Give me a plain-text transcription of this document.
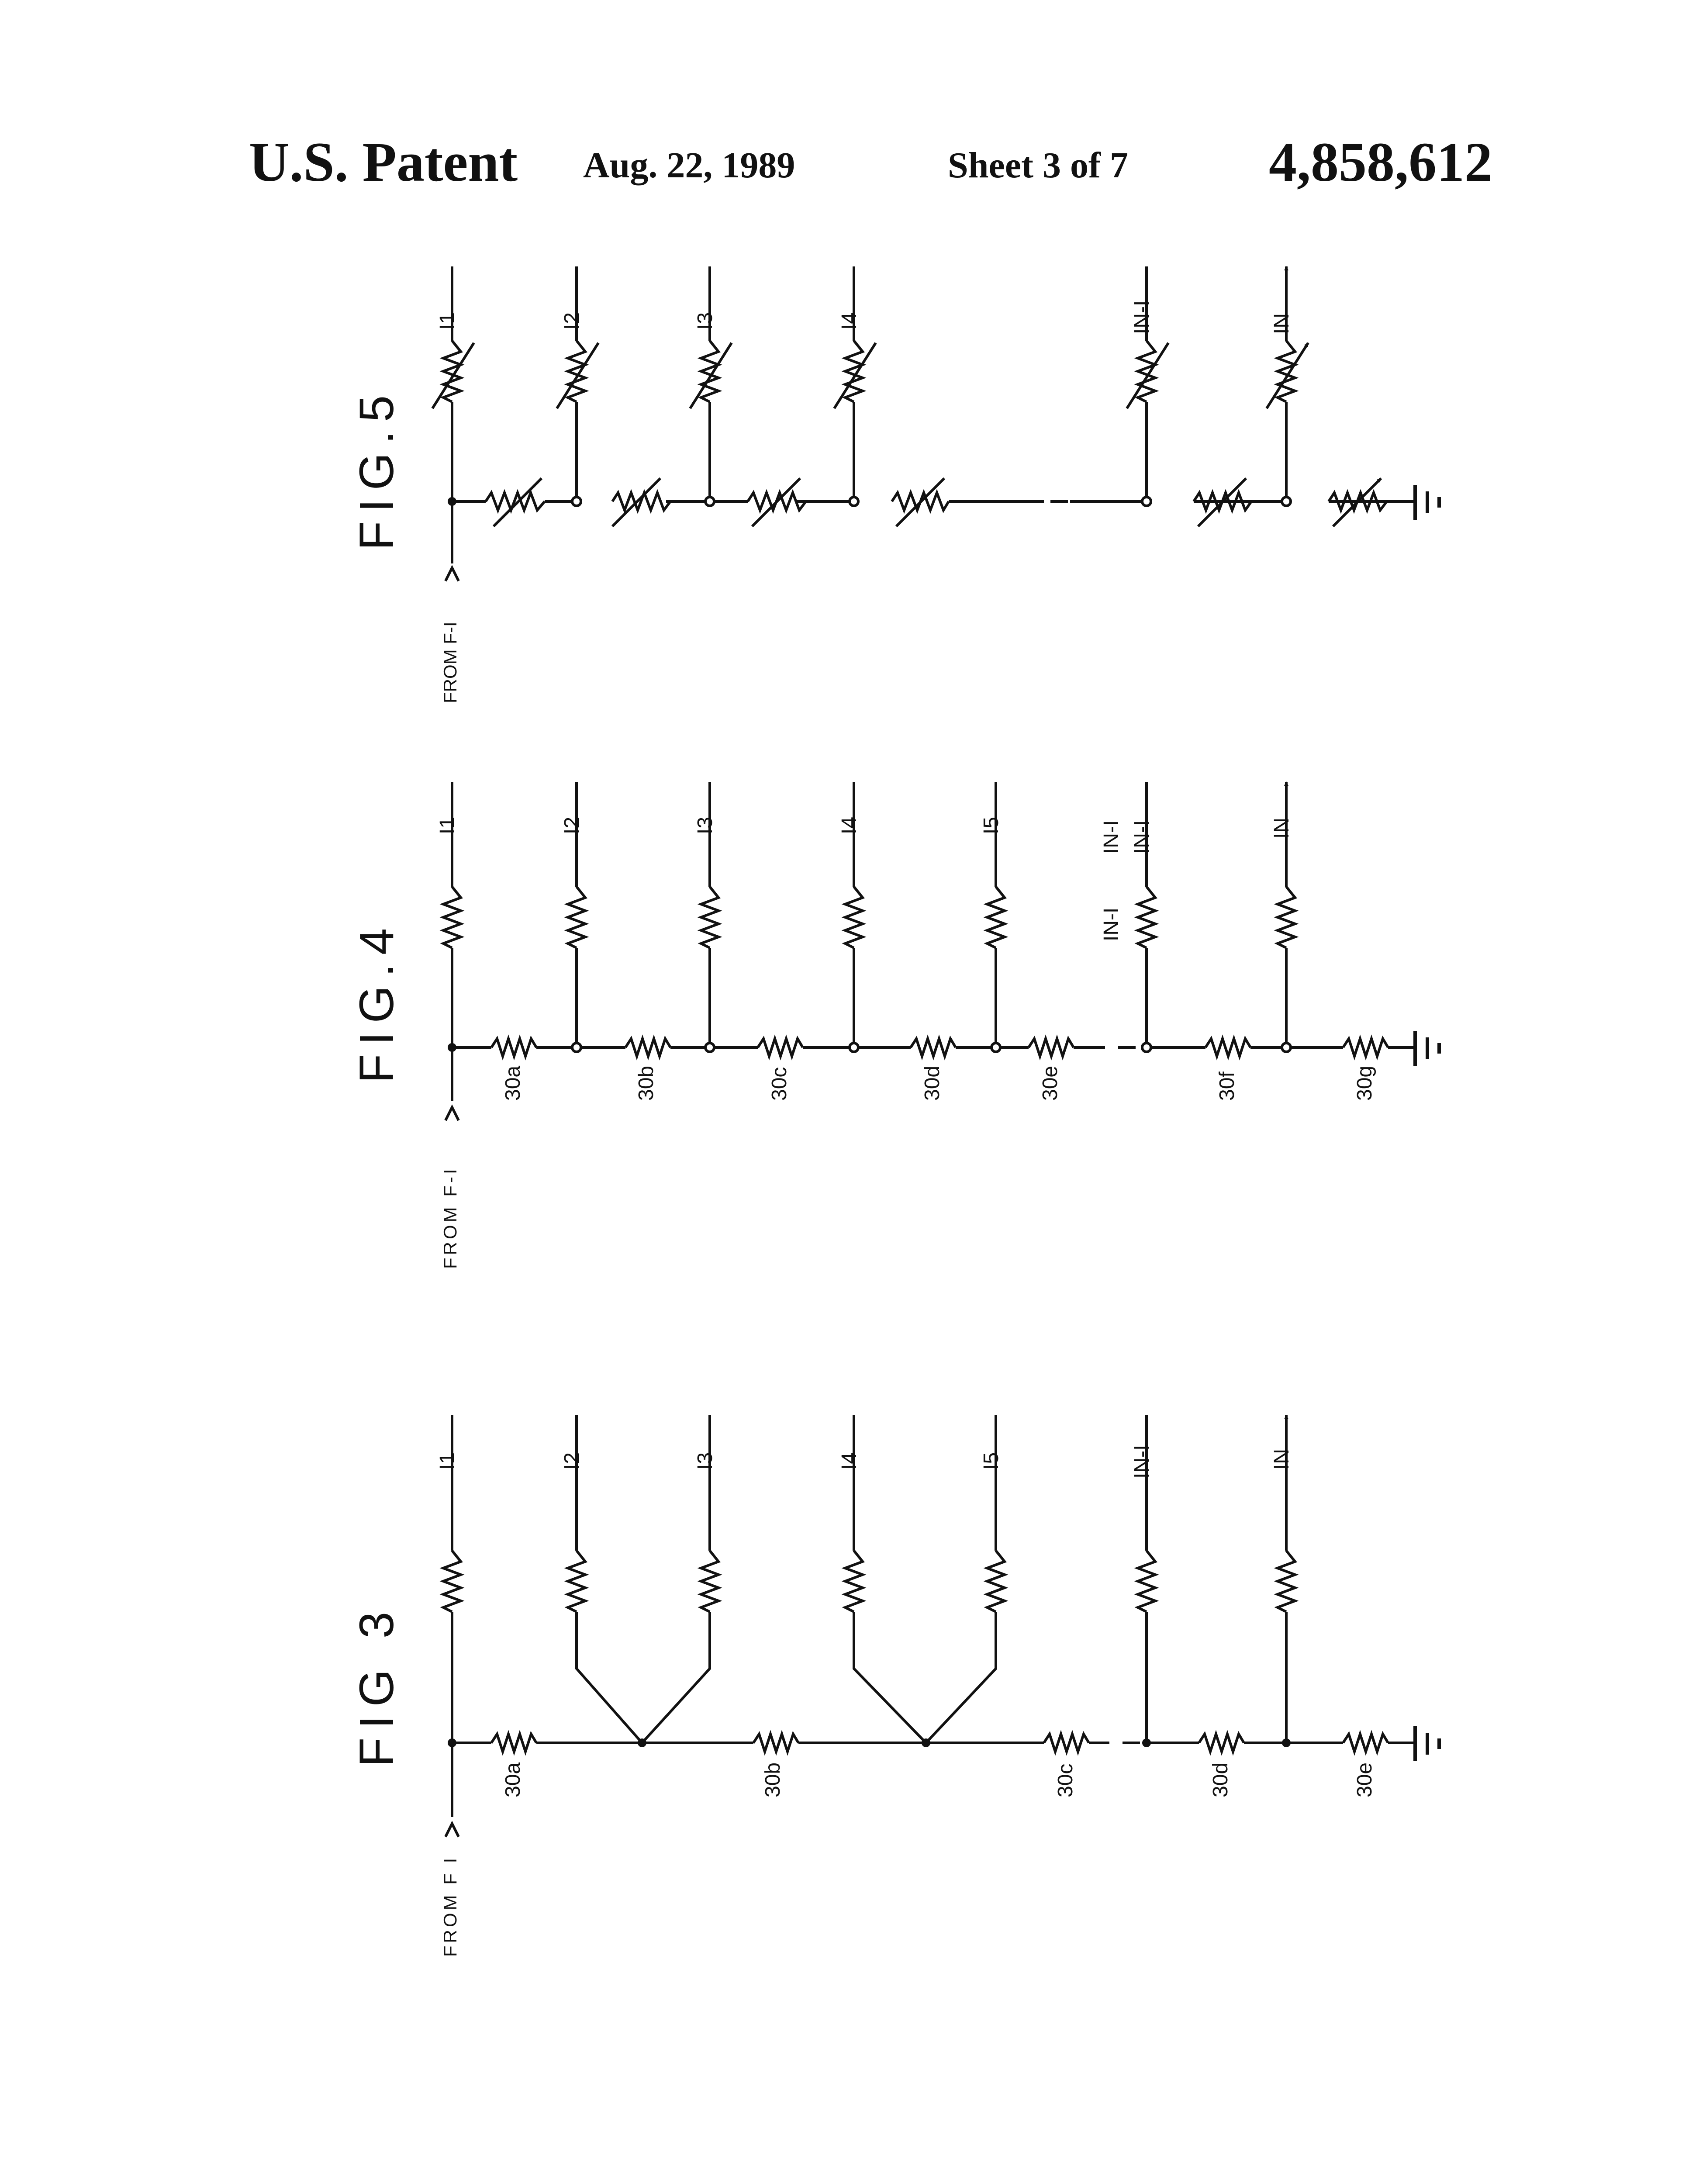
U.S. Patent Aug. 22, 1989	Sheet 3 of 7	4,858,612
FIG.5
FROM F-I
I1	I2	I3	I4	IN-I	IN
FIG.4
FROM F-I
I1	I2	I3	I4	I5	IN-I	IN
IN-I
IN-I
30a	30b	30c	30d	30e	30f	30g
FIG 3
FROM F I
I1	I2	I3	I4	I5	IN-I	IN
30a	30b	30c	30d	30e
